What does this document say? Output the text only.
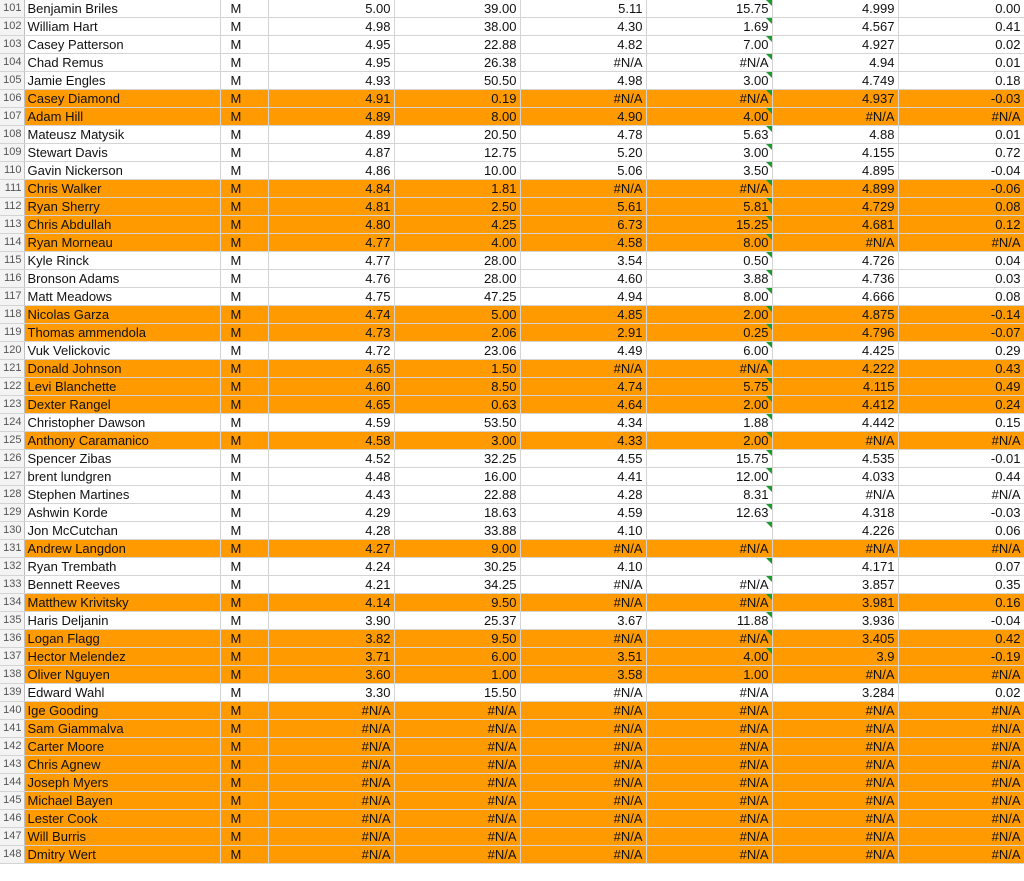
101	Benjamin Briles	M	5.00	39.00	5.11	15.75	4.999	0.00
102	William Hart	M	4.98	38.00	4.30	1.69	4.567	0.41
103	Casey Patterson	M	4.95	22.88	4.82	7.00	4.927	0.02
104	Chad Remus	M	4.95	26.38	#N/A	#N/A	4.94	0.01
105	Jamie Engles	M	4.93	50.50	4.98	3.00	4.749	0.18
106	Casey Diamond	M	4.91	0.19	#N/A	#N/A	4.937	-0.03
107	Adam Hill	M	4.89	8.00	4.90	4.00	#N/A	#N/A
108	Mateusz Matysik	M	4.89	20.50	4.78	5.63	4.88	0.01
109	Stewart Davis	M	4.87	12.75	5.20	3.00	4.155	0.72
110	Gavin Nickerson	M	4.86	10.00	5.06	3.50	4.895	-0.04
111	Chris Walker	M	4.84	1.81	#N/A	#N/A	4.899	-0.06
112	Ryan Sherry	M	4.81	2.50	5.61	5.81	4.729	0.08
113	Chris Abdullah	M	4.80	4.25	6.73	15.25	4.681	0.12
114	Ryan Morneau	M	4.77	4.00	4.58	8.00	#N/A	#N/A
115	Kyle Rinck	M	4.77	28.00	3.54	0.50	4.726	0.04
116	Bronson Adams	M	4.76	28.00	4.60	3.88	4.736	0.03
117	Matt Meadows	M	4.75	47.25	4.94	8.00	4.666	0.08
118	Nicolas Garza	M	4.74	5.00	4.85	2.00	4.875	-0.14
119	Thomas ammendola	M	4.73	2.06	2.91	0.25	4.796	-0.07
120	Vuk Velickovic	M	4.72	23.06	4.49	6.00	4.425	0.29
121	Donald Johnson	M	4.65	1.50	#N/A	#N/A	4.222	0.43
122	Levi Blanchette	M	4.60	8.50	4.74	5.75	4.115	0.49
123	Dexter Rangel	M	4.65	0.63	4.64	2.00	4.412	0.24
124	Christopher Dawson	M	4.59	53.50	4.34	1.88	4.442	0.15
125	Anthony Caramanico	M	4.58	3.00	4.33	2.00	#N/A	#N/A
126	Spencer Zibas	M	4.52	32.25	4.55	15.75	4.535	-0.01
127	brent lundgren	M	4.48	16.00	4.41	12.00	4.033	0.44
128	Stephen Martines	M	4.43	22.88	4.28	8.31	#N/A	#N/A
129	Ashwin Korde	M	4.29	18.63	4.59	12.63	4.318	-0.03
130	Jon McCutchan	M	4.28	33.88	4.10		4.226	0.06
131	Andrew Langdon	M	4.27	9.00	#N/A	#N/A	#N/A	#N/A
132	Ryan Trembath	M	4.24	30.25	4.10		4.171	0.07
133	Bennett Reeves	M	4.21	34.25	#N/A	#N/A	3.857	0.35
134	Matthew Krivitsky	M	4.14	9.50	#N/A	#N/A	3.981	0.16
135	Haris Deljanin	M	3.90	25.37	3.67	11.88	3.936	-0.04
136	Logan Flagg	M	3.82	9.50	#N/A	#N/A	3.405	0.42
137	Hector Melendez	M	3.71	6.00	3.51	4.00	3.9	-0.19
138	Oliver Nguyen	M	3.60	1.00	3.58	1.00	#N/A	#N/A
139	Edward Wahl	M	3.30	15.50	#N/A	#N/A	3.284	0.02
140	Ige Gooding	M	#N/A	#N/A	#N/A	#N/A	#N/A	#N/A
141	Sam Giammalva	M	#N/A	#N/A	#N/A	#N/A	#N/A	#N/A
142	Carter Moore	M	#N/A	#N/A	#N/A	#N/A	#N/A	#N/A
143	Chris Agnew	M	#N/A	#N/A	#N/A	#N/A	#N/A	#N/A
144	Joseph Myers	M	#N/A	#N/A	#N/A	#N/A	#N/A	#N/A
145	Michael Bayen	M	#N/A	#N/A	#N/A	#N/A	#N/A	#N/A
146	Lester Cook	M	#N/A	#N/A	#N/A	#N/A	#N/A	#N/A
147	Will Burris	M	#N/A	#N/A	#N/A	#N/A	#N/A	#N/A
148	Dmitry Wert	M	#N/A	#N/A	#N/A	#N/A	#N/A	#N/A
